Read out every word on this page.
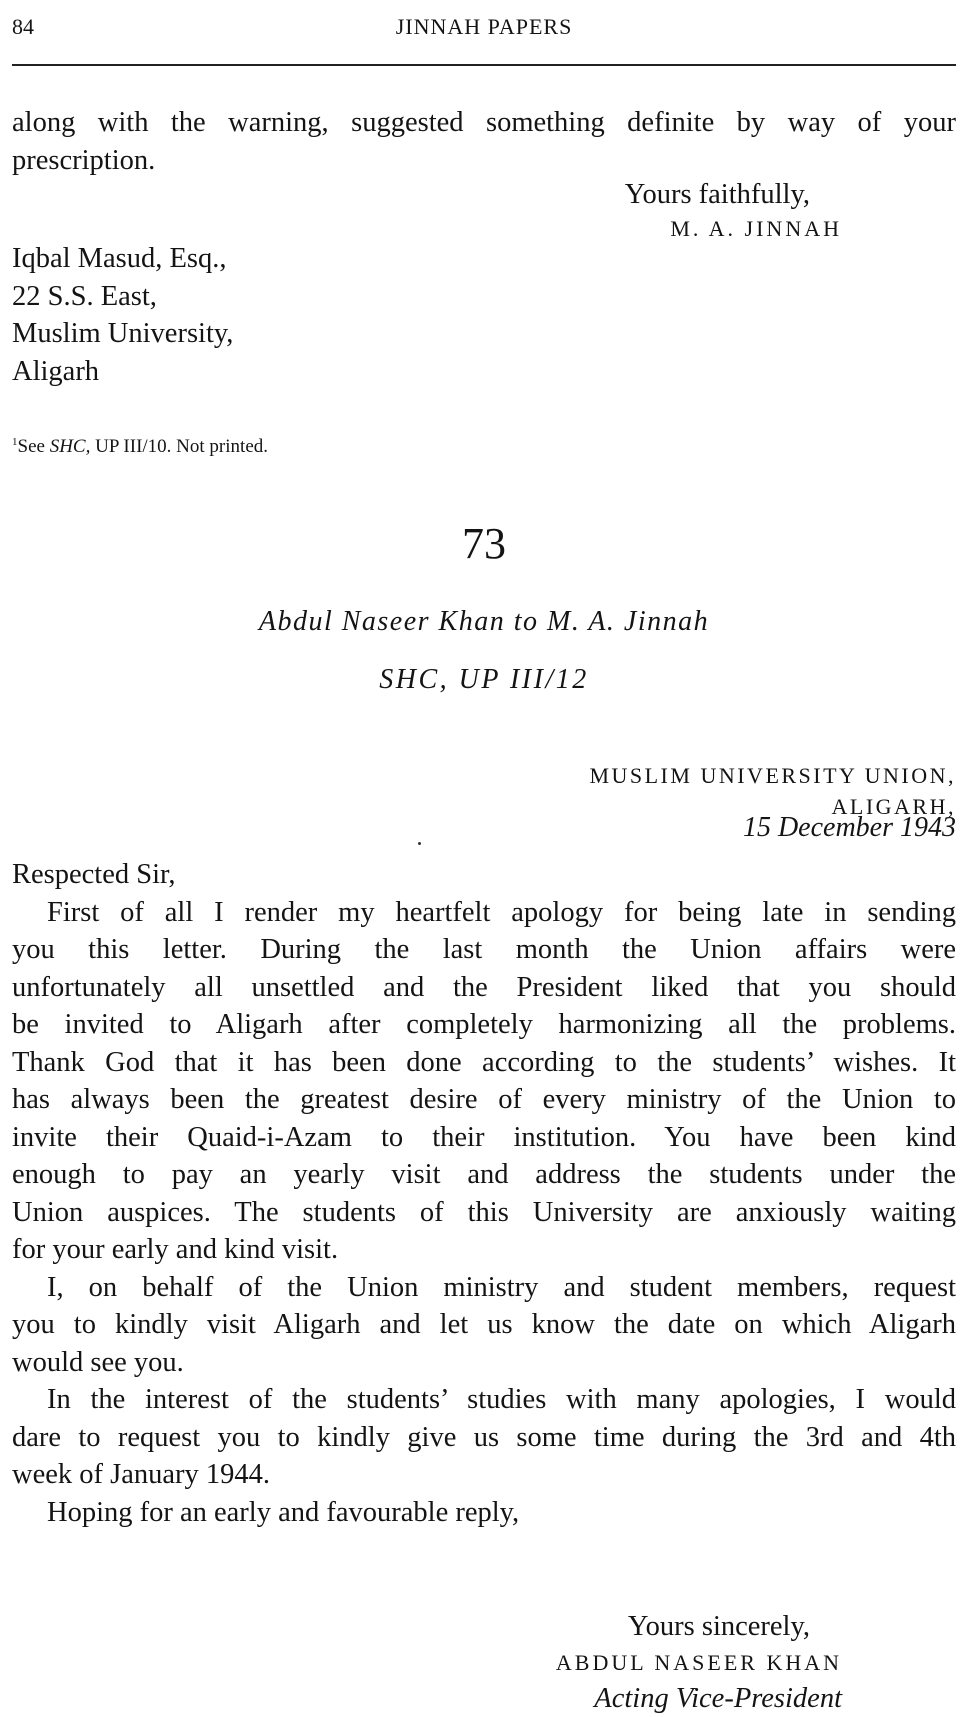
84	JINNAH PAPERS
along with the warning, suggested something definite by way of your
prescription.
Yours faithfully,
M. A. JINNAH
Iqbal Masud, Esq.,
22 S.S. East,
Muslim University,
Aligarh
$^1$See SHC, UP III/10. Not printed.
73
Abdul Naseer Khan to M. A. Jinnah
SHC, UP III/12
MUSLIM UNIVERSITY UNION,
ALIGARH,
15 December 1943
Respected Sir,
First of all I render my heartfelt apology for being late in sending
you this letter. During the last month the Union affairs were
unfortunately all unsettled and the President liked that you should
be invited to Aligarh after completely harmonizing all the problems.
Thank God that it has been done according to the students’ wishes. It
has always been the greatest desire of every ministry of the Union to
invite their Quaid-i-Azam to their institution. You have been kind
enough to pay an yearly visit and address the students under the
Union auspices. The students of this University are anxiously waiting
for your early and kind visit.
I, on behalf of the Union ministry and student members, request
you to kindly visit Aligarh and let us know the date on which Aligarh
would see you.
In the interest of the students’ studies with many apologies, I would
dare to request you to kindly give us some time during the 3rd and 4th
week of January 1944.
Hoping for an early and favourable reply,
Yours sincerely,
ABDUL NASEER KHAN
Acting Vice-President
